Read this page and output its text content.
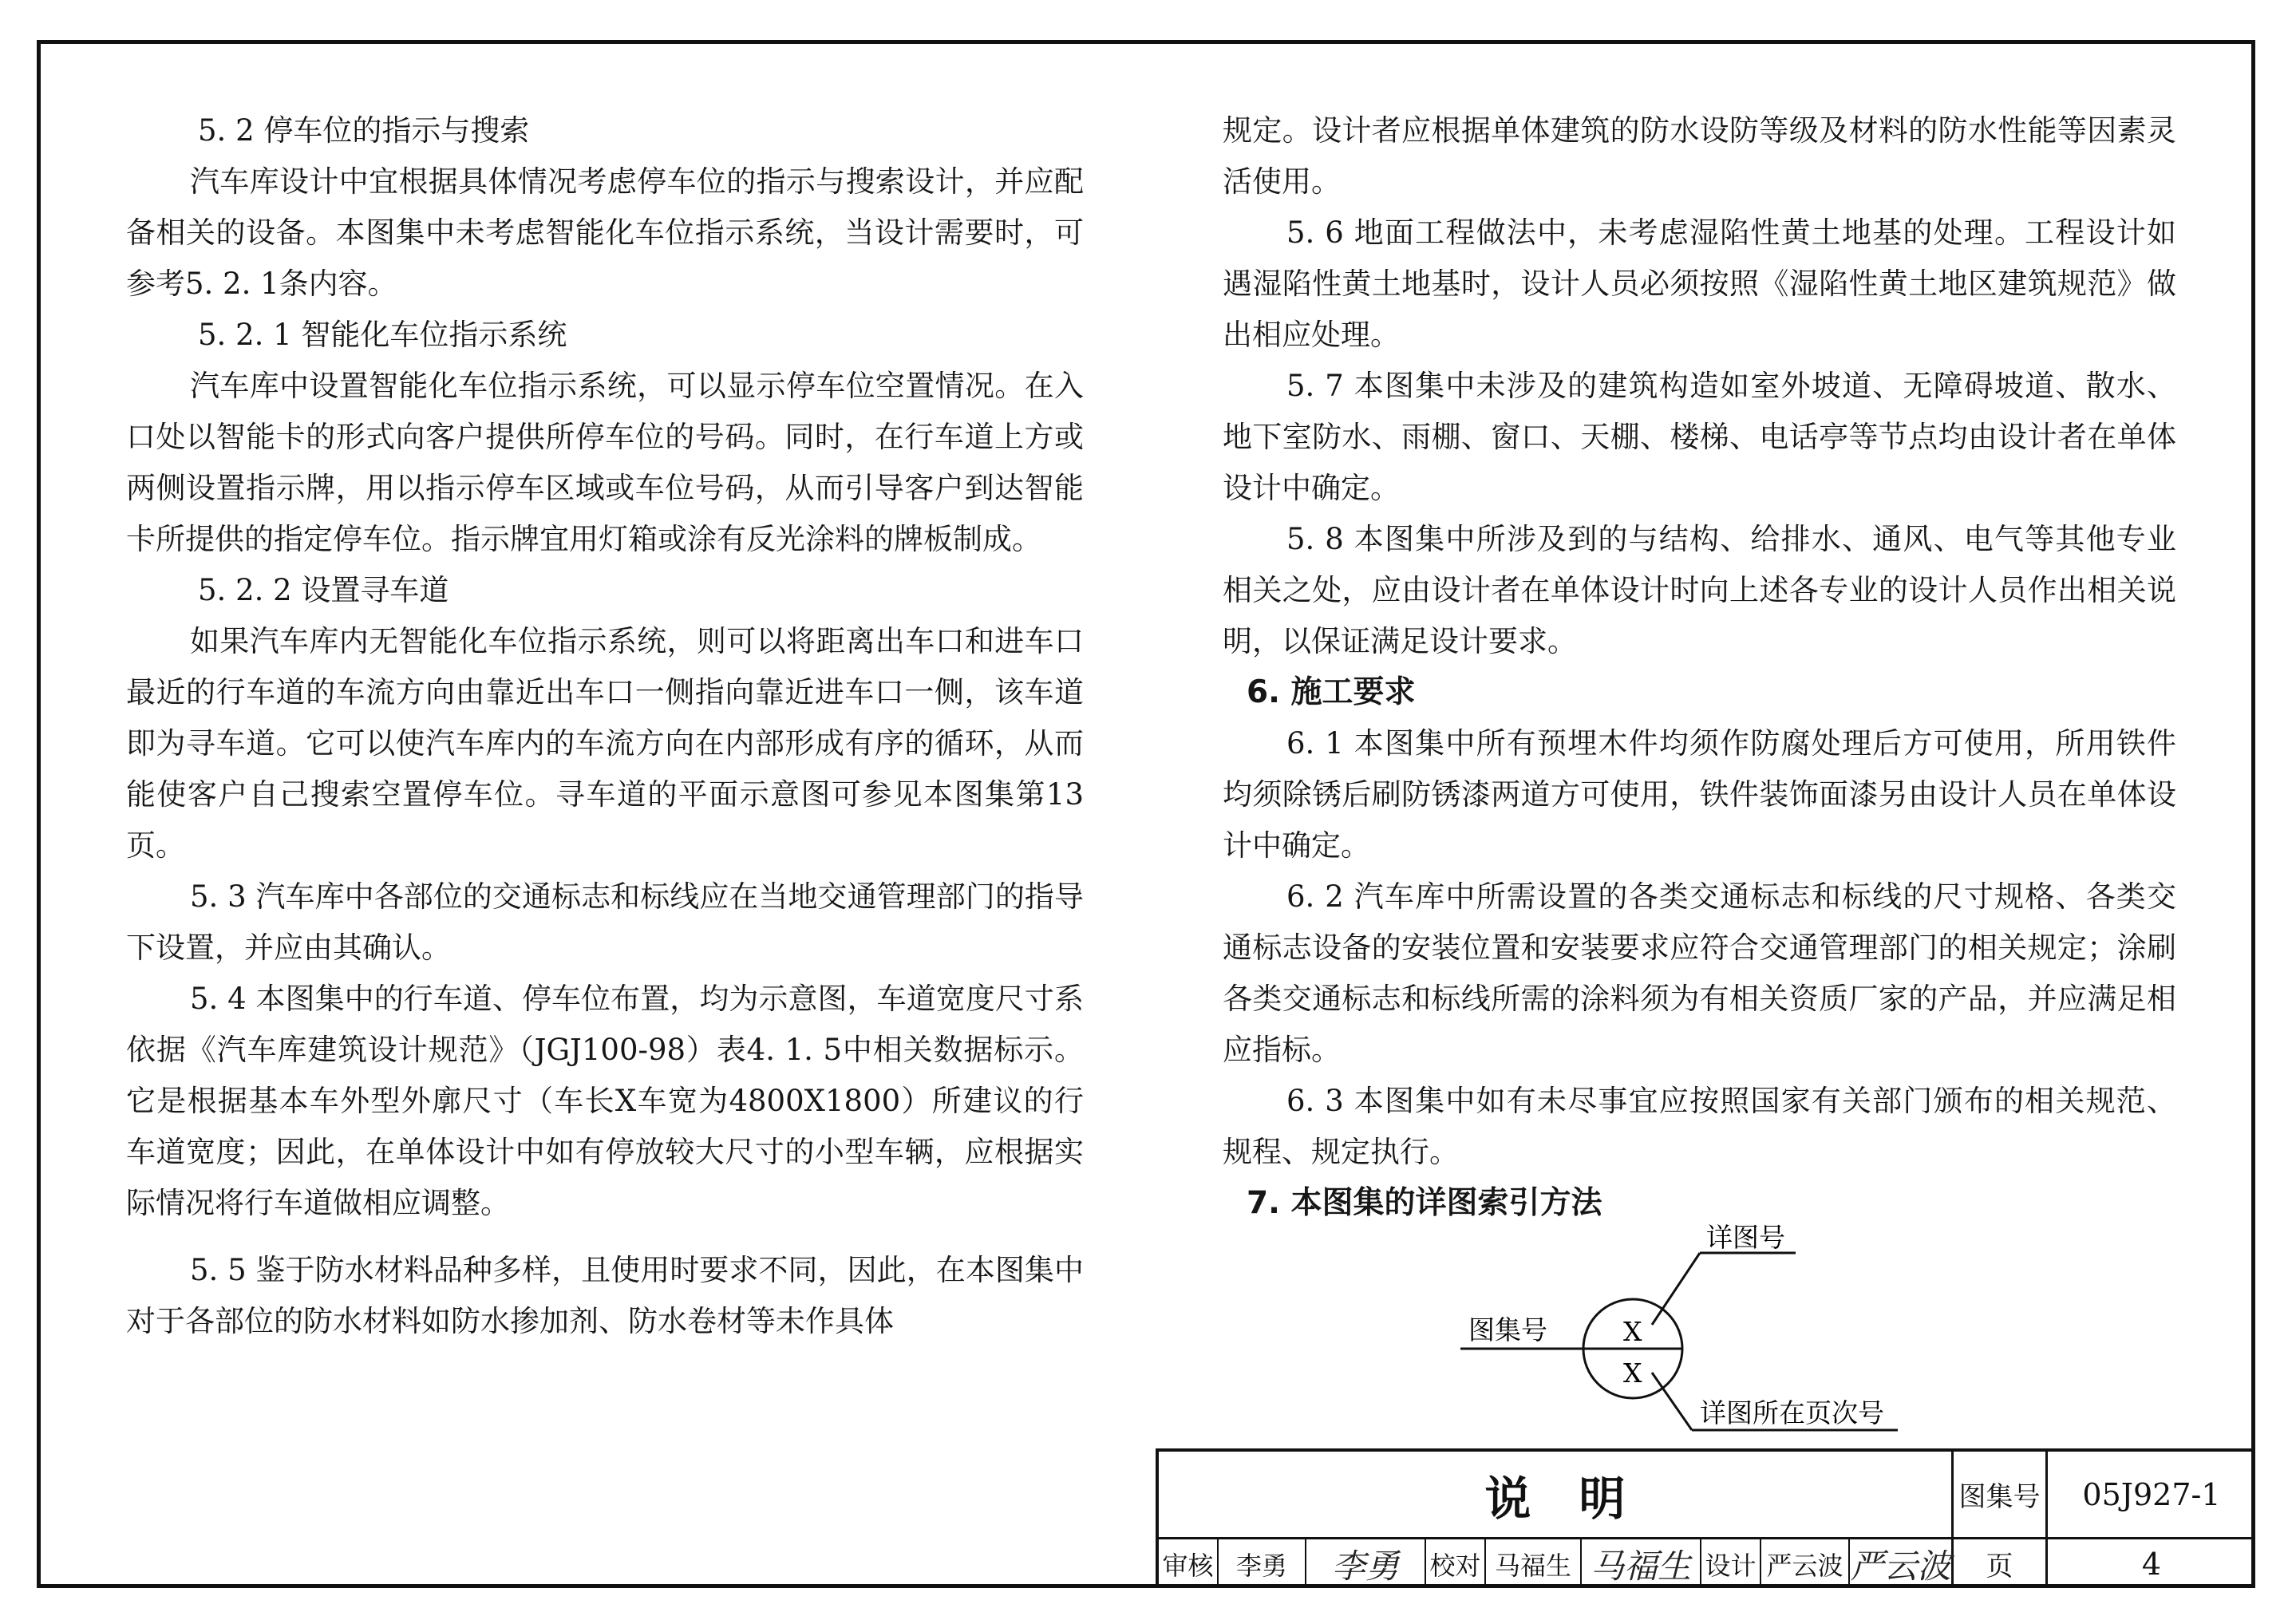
5. 2 停车位的指示与搜索

汽车库设计中宜根据具体情况考虑停车位的指示与搜索设计，并应配备相关的设备。本图集中未考虑智能化车位指示系统，当设计需要时，可参考5. 2. 1条内容。

5. 2. 1 智能化车位指示系统

汽车库中设置智能化车位指示系统，可以显示停车位空置情况。在入口处以智能卡的形式向客户提供所停车位的号码。同时，在行车道上方或两侧设置指示牌，用以指示停车区域或车位号码，从而引导客户到达智能卡所提供的指定停车位。指示牌宜用灯箱或涂有反光涂料的牌板制成。

5. 2. 2 设置寻车道

如果汽车库内无智能化车位指示系统，则可以将距离出车口和进车口最近的行车道的车流方向由靠近出车口一侧指向靠近进车口一侧，该车道即为寻车道。它可以使汽车库内的车流方向在内部形成有序的循环，从而能使客户自己搜索空置停车位。寻车道的平面示意图可参见本图集第13页。

5. 3 汽车库中各部位的交通标志和标线应在当地交通管理部门的指导下设置，并应由其确认。

5. 4 本图集中的行车道、停车位布置，均为示意图，车道宽度尺寸系依据《汽车库建筑设计规范》（JGJ100-98）表4. 1. 5中相关数据标示。它是根据基本车外型外廓尺寸（车长X车宽为4800X1800）所建议的行车道宽度；因此，在单体设计中如有停放较大尺寸的小型车辆，应根据实际情况将行车道做相应调整。

5. 5 鉴于防水材料品种多样，且使用时要求不同，因此，在本图集中对于各部位的防水材料如防水掺加剂、防水卷材等未作具体

规定。设计者应根据单体建筑的防水设防等级及材料的防水性能等因素灵活使用。

5. 6 地面工程做法中，未考虑湿陷性黄土地基的处理。工程设计如遇湿陷性黄土地基时，设计人员必须按照《湿陷性黄土地区建筑规范》做出相应处理。

5. 7 本图集中未涉及的建筑构造如室外坡道、无障碍坡道、散水、地下室防水、雨棚、窗口、天棚、楼梯、电话亭等节点均由设计者在单体设计中确定。

5. 8 本图集中所涉及到的与结构、给排水、通风、电气等其他专业相关之处，应由设计者在单体设计时向上述各专业的设计人员作出相关说明，以保证满足设计要求。

6. 施工要求

6. 1 本图集中所有预埋木件均须作防腐处理后方可使用，所用铁件均须除锈后刷防锈漆两道方可使用，铁件装饰面漆另由设计人员在单体设计中确定。

6. 2 汽车库中所需设置的各类交通标志和标线的尺寸规格、各类交通标志设备的安装位置和安装要求应符合交通管理部门的相关规定；涂刷各类交通标志和标线所需的涂料须为有相关资质厂家的产品，并应满足相应指标。

6. 3 本图集中如有未尽事宜应按照国家有关部门颁布的相关规范、规程、规定执行。

7. 本图集的详图索引方法

详图号
图集号
详图所在页次号
X
X
说明	图集号	05J927-1
审核 李勇	李勇	校对 马福生 马福生 设计 严云波 严云波	页	4
